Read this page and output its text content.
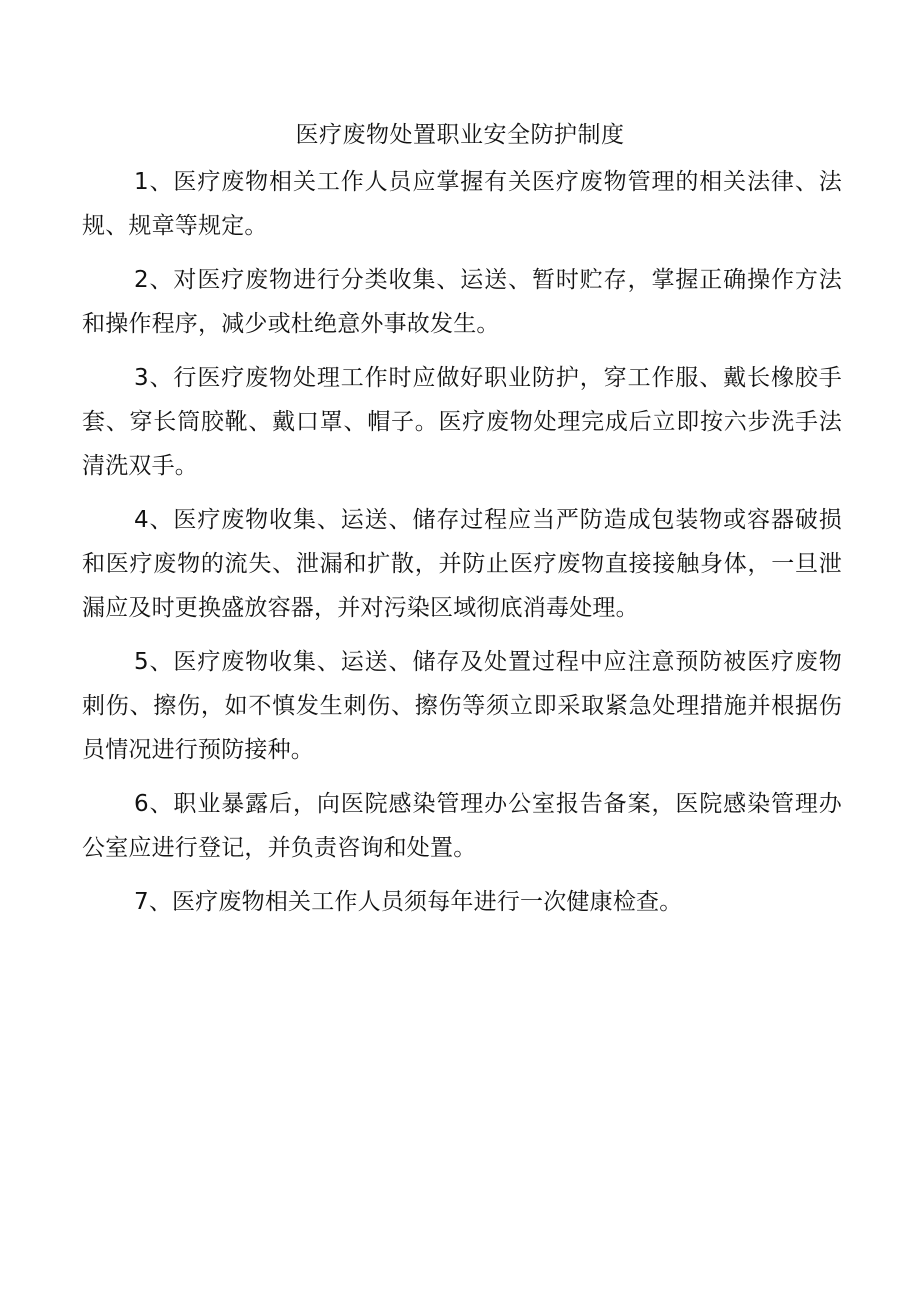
医疗废物处置职业安全防护制度

1、医疗废物相关工作人员应掌握有关医疗废物管理的相关法律、法规、规章等规定。

2、对医疗废物进行分类收集、运送、暂时贮存，掌握正确操作方法和操作程序，减少或杜绝意外事故发生。

3、行医疗废物处理工作时应做好职业防护，穿工作服、戴长橡胶手套、穿长筒胶靴、戴口罩、帽子。医疗废物处理完成后立即按六步洗手法清洗双手。

4、医疗废物收集、运送、储存过程应当严防造成包装物或容器破损和医疗废物的流失、泄漏和扩散，并防止医疗废物直接接触身体，一旦泄漏应及时更换盛放容器，并对污染区域彻底消毒处理。

5、医疗废物收集、运送、储存及处置过程中应注意预防被医疗废物刺伤、擦伤，如不慎发生刺伤、擦伤等须立即采取紧急处理措施并根据伤员情况进行预防接种。

6、职业暴露后，向医院感染管理办公室报告备案，医院感染管理办公室应进行登记，并负责咨询和处置。

7、医疗废物相关工作人员须每年进行一次健康检查。
